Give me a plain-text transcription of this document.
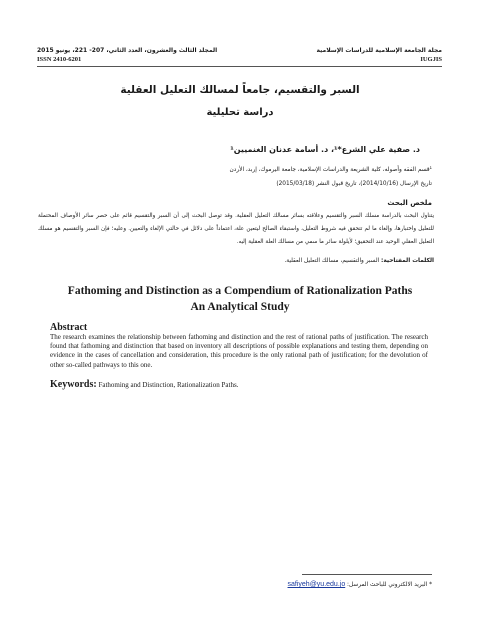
المجلد الثالث والعشرون، العدد الثاني، 207- 221، يونيو 2015
ISSN 2410-6201
مجلة الجامعة الإسلامية للدراسات الإسلامية
IUGJIS
السبر والتقسيم، جامعاً لمسالك التعليل العقلية
دراسة تحليلية
د. صفية علي الشرع*¹، د. أسامة عدنان الغنميين¹
¹قسم الفقه وأصوله، كلية الشريعة والدراسات الإسلامية، جامعة اليرموك، إربد، الأردن
تاريخ الإرسال (2014/10/16)، تاريخ قبول النشر (2015/03/18)
ملخص البحث
يتناول البحث بالدراسة مسلك السبر والتقسيم وعلاقته بسائر مسالك التعليل العقلية. وقد توصل البحث إلى أن السبر والتقسيم قائم على حصر سائر الأوصاف المحتملة للتعليل واختبارها، وإلغاء ما لم تتحقق فيه شروط التعليل، واستبقاء الصالح ليتعين علة، اعتماداً على دلائل في حالتي الإلغاء والتعيين. وعليه؛ فإن السبر والتقسيم هو مسلك التعليل العقلي الوحيد عند التحقيق؛ لأيلولة سائر ما سمي من مسالك العلة العقلية إليه.
الكلمات المفتاحية: السبر والتقسيم، مسالك التعليل العقلية.
Fathoming and Distinction as a Compendium of Rationalization Paths
An Analytical Study
Abstract
The research examines the relationship between fathoming and distinction and the rest of rational paths of justification. The research found that fathoming and distinction that based on inventory all descriptions of possible explanations and testing them, depending on evidence in the cases of cancellation and consideration, this procedure is the only rational path of justification; for the devolution of other so-called pathways to this one.
Keywords: Fathoming and Distinction, Rationalization Paths.
* البريد الالكتروني للباحث المرسل: safiyeh@yu.edu.jo
